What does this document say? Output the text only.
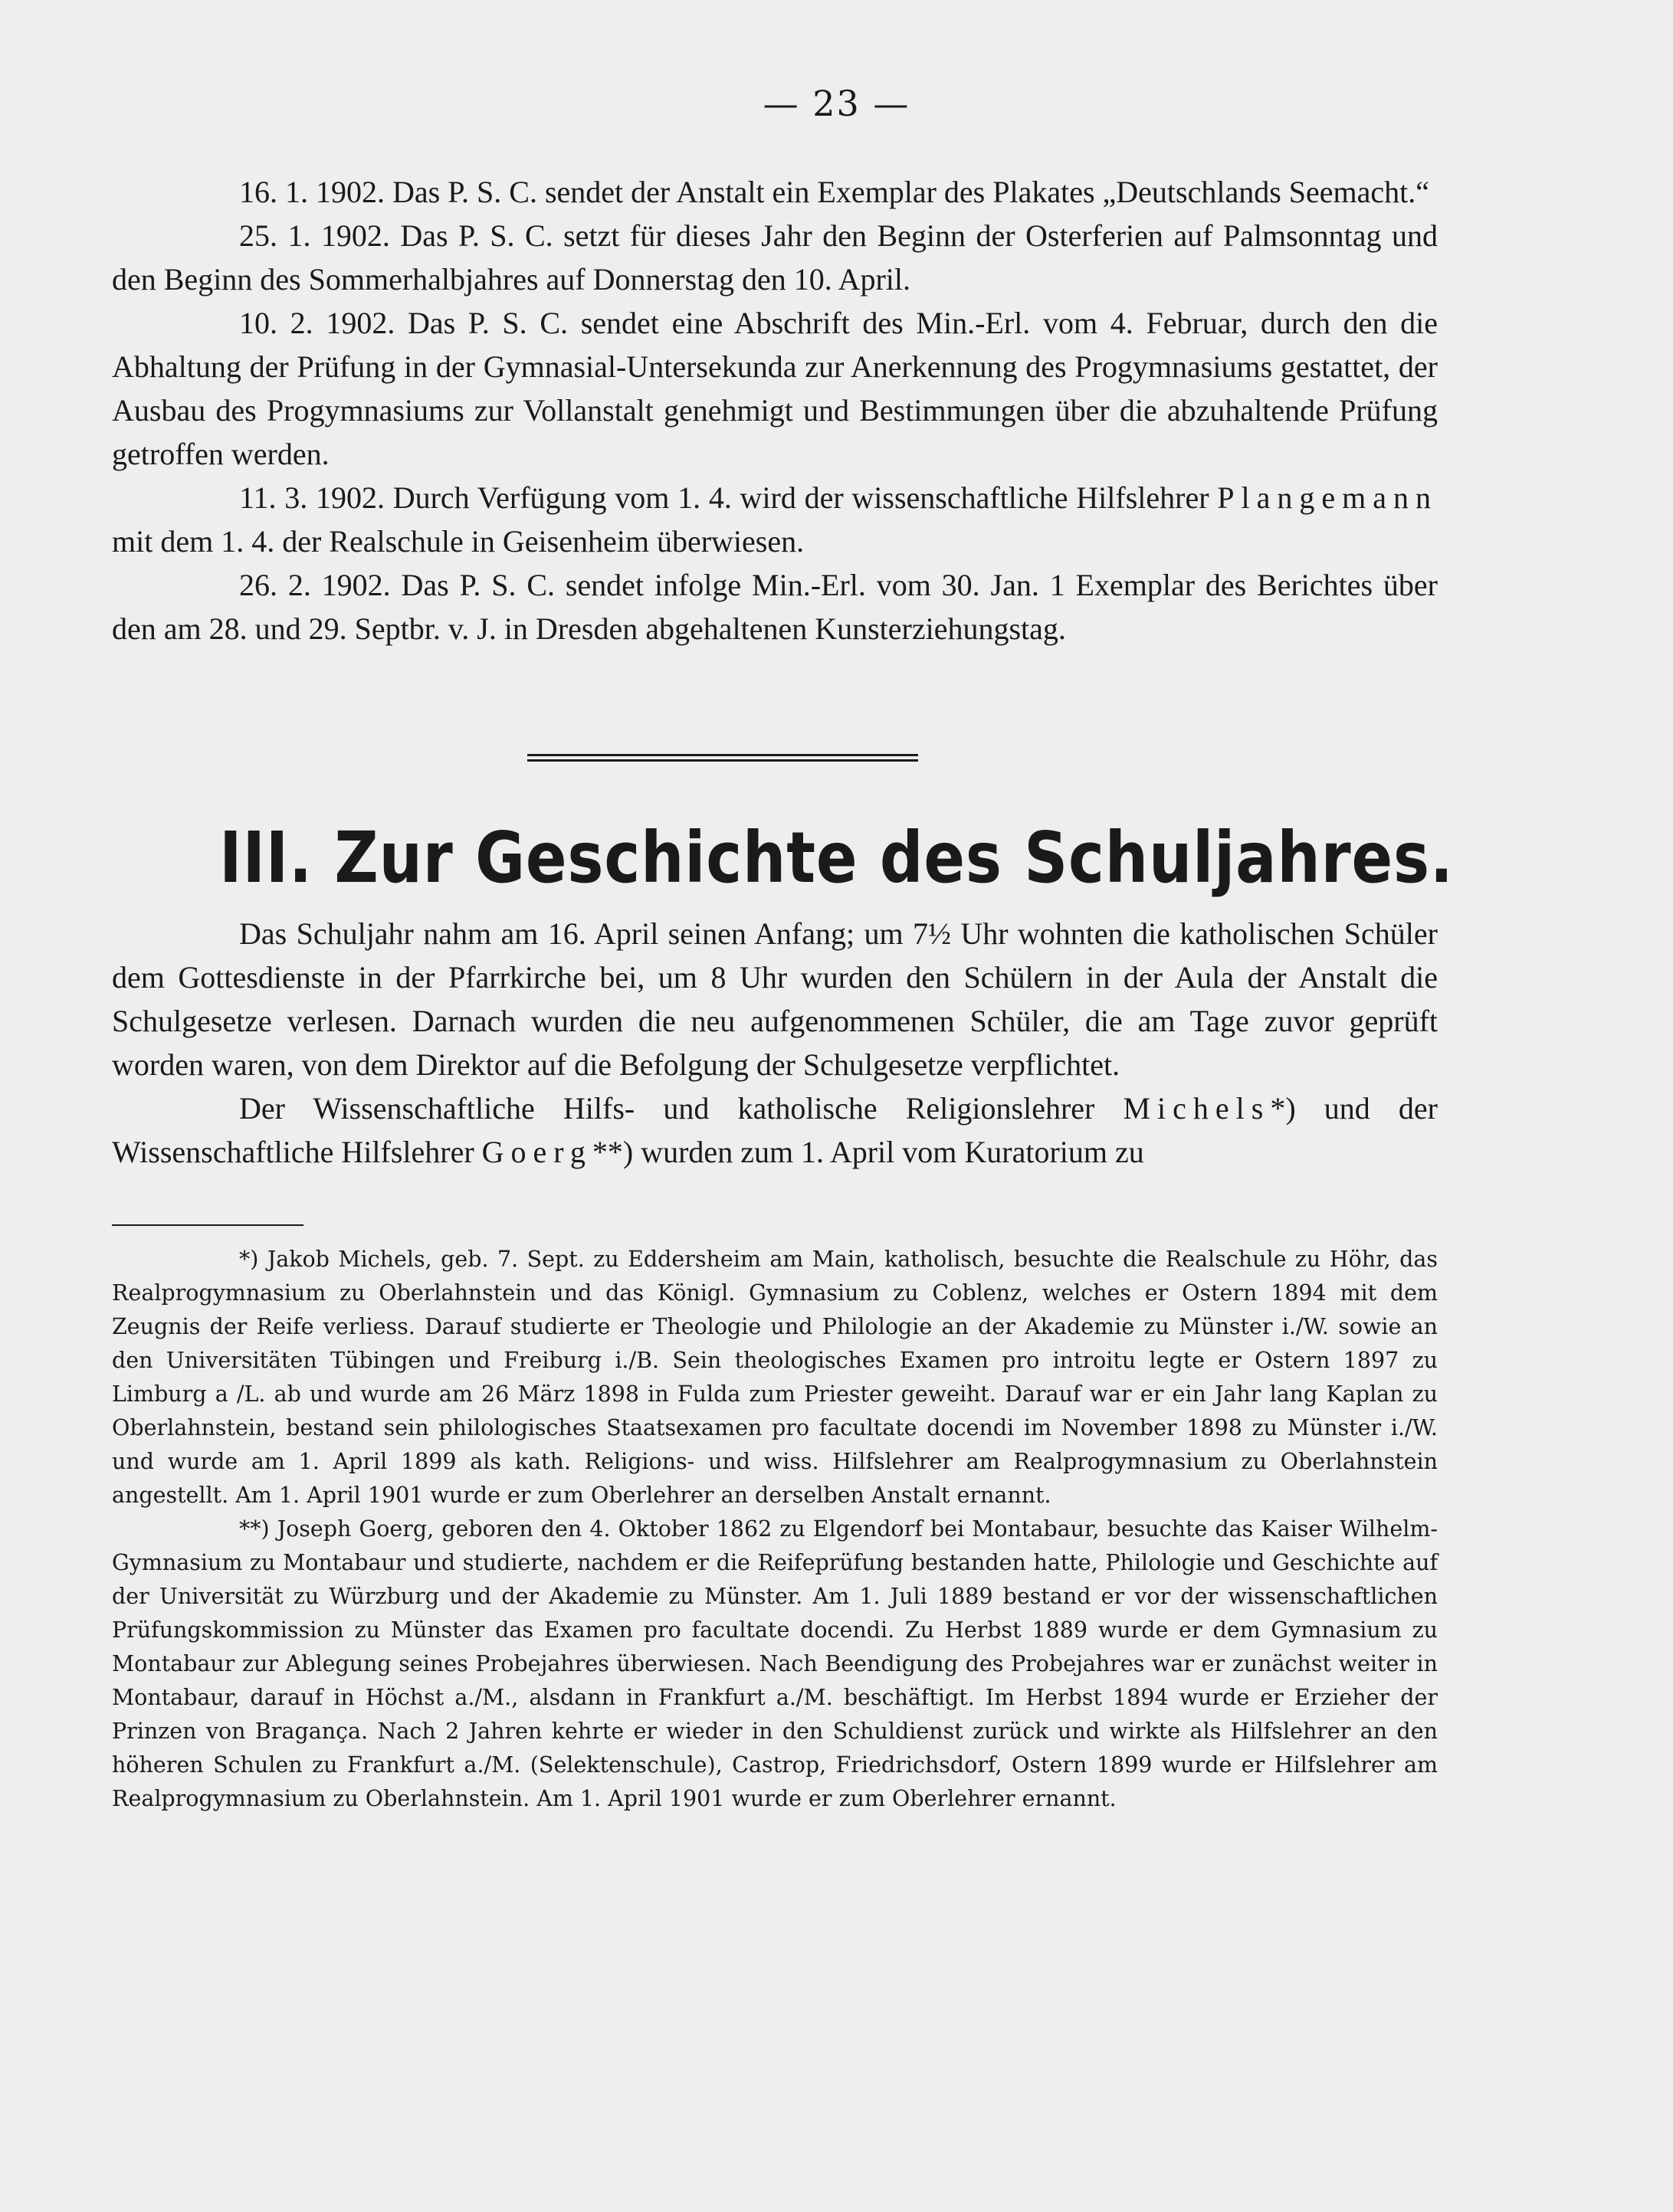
— 23 —

16. 1. 1902. Das P. S. C. sendet der Anstalt ein Exemplar des Plakates „Deutschlands Seemacht.“

25. 1. 1902. Das P. S. C. setzt für dieses Jahr den Beginn der Osterferien auf Palmsonntag und den Beginn des Sommerhalbjahres auf Donnerstag den 10. April.

10. 2. 1902. Das P. S. C. sendet eine Abschrift des Min.-Erl. vom 4. Februar, durch den die Abhaltung der Prüfung in der Gymnasial-Untersekunda zur Anerkennung des Progymnasiums gestattet, der Ausbau des Progymnasiums zur Vollanstalt genehmigt und Bestimmungen über die abzuhaltende Prüfung getroffen werden.

11. 3. 1902. Durch Verfügung vom 1. 4. wird der wissenschaftliche Hilfslehrer Plangemann mit dem 1. 4. der Realschule in Geisenheim überwiesen.

26. 2. 1902. Das P. S. C. sendet infolge Min.-Erl. vom 30. Jan. 1 Exemplar des Berichtes über den am 28. und 29. Septbr. v. J. in Dresden abgehaltenen Kunsterziehungstag.

III. Zur Geschichte des Schuljahres.

Das Schuljahr nahm am 16. April seinen Anfang; um 7½ Uhr wohnten die katholischen Schüler dem Gottesdienste in der Pfarrkirche bei, um 8 Uhr wurden den Schülern in der Aula der Anstalt die Schulgesetze verlesen. Darnach wurden die neu aufgenommenen Schüler, die am Tage zuvor geprüft worden waren, von dem Direktor auf die Befolgung der Schulgesetze verpflichtet.

Der Wissenschaftliche Hilfs- und katholische Religionslehrer Michels*) und der Wissenschaftliche Hilfslehrer Goerg**) wurden zum 1. April vom Kuratorium zu

*) Jakob Michels, geb. 7. Sept. zu Eddersheim am Main, katholisch, besuchte die Realschule zu Höhr, das Realprogymnasium zu Oberlahnstein und das Königl. Gymnasium zu Coblenz, welches er Ostern 1894 mit dem Zeugnis der Reife verliess. Darauf studierte er Theologie und Philologie an der Akademie zu Münster i./W. sowie an den Universitäten Tübingen und Freiburg i./B. Sein theologisches Examen pro introitu legte er Ostern 1897 zu Limburg a /L. ab und wurde am 26 März 1898 in Fulda zum Priester geweiht. Darauf war er ein Jahr lang Kaplan zu Oberlahnstein, bestand sein philologisches Staatsexamen pro facultate docendi im November 1898 zu Münster i./W. und wurde am 1. April 1899 als kath. Religions- und wiss. Hilfslehrer am Realprogymnasium zu Oberlahnstein angestellt. Am 1. April 1901 wurde er zum Oberlehrer an derselben Anstalt ernannt.

**) Joseph Goerg, geboren den 4. Oktober 1862 zu Elgendorf bei Montabaur, besuchte das Kaiser Wilhelm-Gymnasium zu Montabaur und studierte, nachdem er die Reifeprüfung bestanden hatte, Philologie und Geschichte auf der Universität zu Würzburg und der Akademie zu Münster. Am 1. Juli 1889 bestand er vor der wissenschaftlichen Prüfungskommission zu Münster das Examen pro facultate docendi. Zu Herbst 1889 wurde er dem Gymnasium zu Montabaur zur Ablegung seines Probejahres überwiesen. Nach Beendigung des Probejahres war er zunächst weiter in Montabaur, darauf in Höchst a./M., alsdann in Frankfurt a./M. beschäftigt. Im Herbst 1894 wurde er Erzieher der Prinzen von Bragança. Nach 2 Jahren kehrte er wieder in den Schuldienst zurück und wirkte als Hilfslehrer an den höheren Schulen zu Frankfurt a./M. (Selektenschule), Castrop, Friedrichsdorf, Ostern 1899 wurde er Hilfslehrer am Realprogymnasium zu Oberlahnstein. Am 1. April 1901 wurde er zum Oberlehrer ernannt.
